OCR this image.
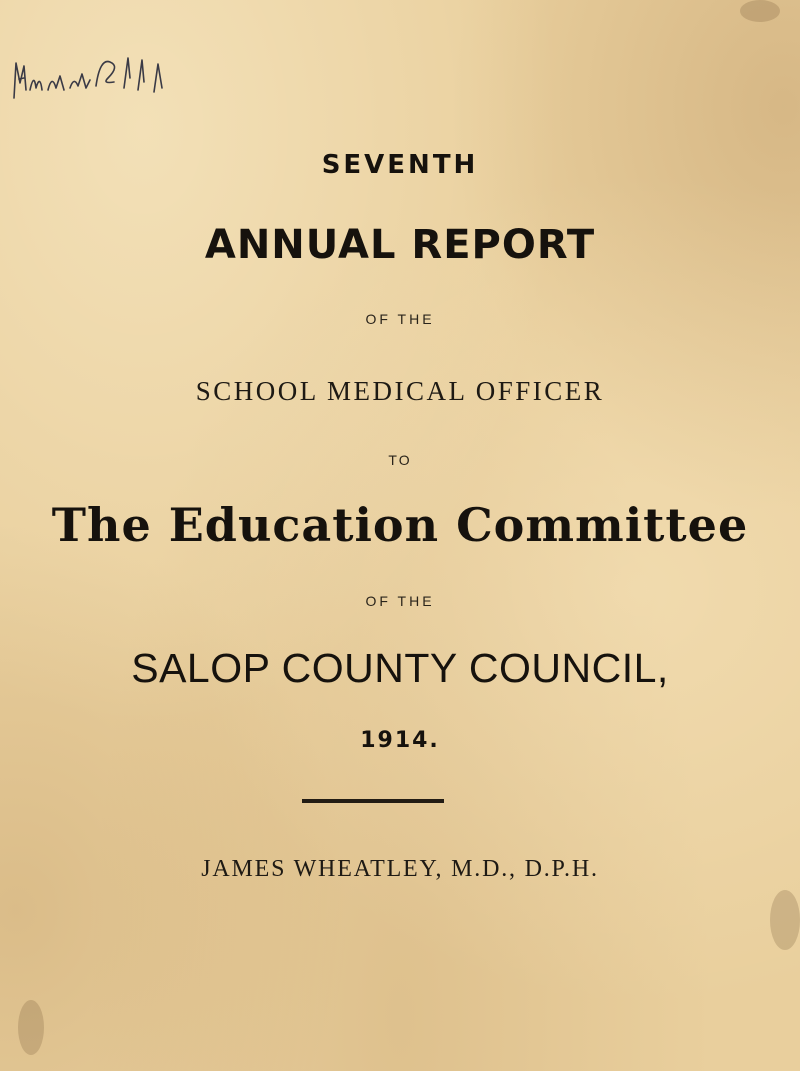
SEVENTH
ANNUAL REPORT
OF THE
SCHOOL MEDICAL OFFICER
TO
The Education Committee
OF THE
SALOP COUNTY COUNCIL,
1914.
JAMES WHEATLEY, M.D., D.P.H.
